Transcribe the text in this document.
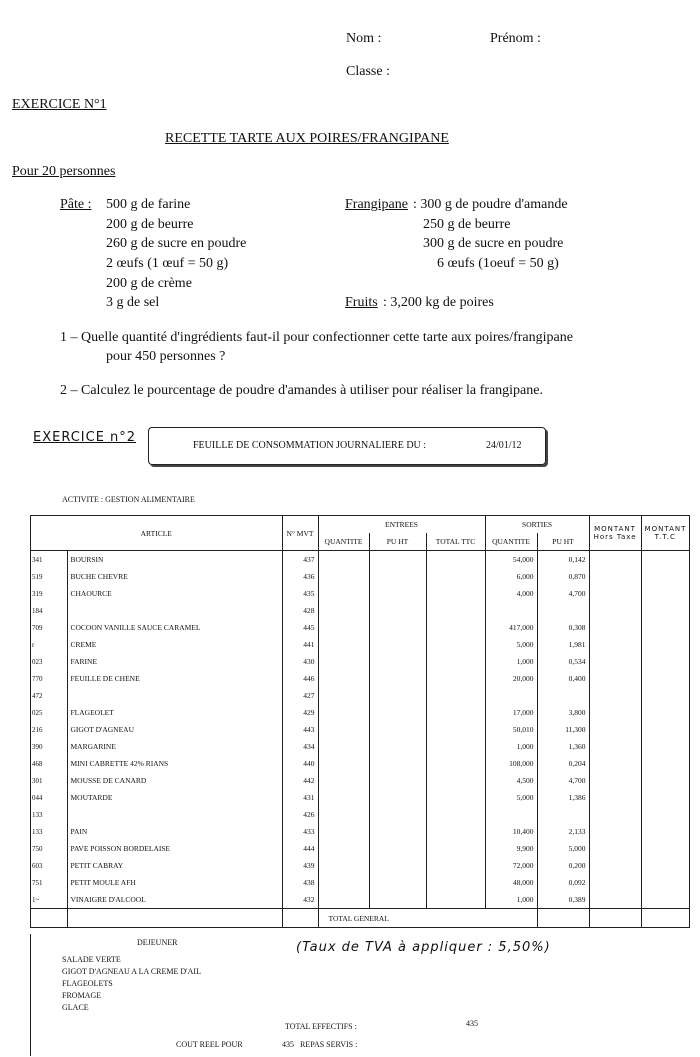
Nom :	Prénom :
Classe :
EXERCICE N°1
RECETTE TARTE AUX POIRES/FRANGIPANE
Pour 20 personnes
Pâte : 500 g de farine
200 g de beurre
260 g de sucre en poudre
2 œufs (1 œuf = 50 g)
200 g de crème
3 g de sel
Frangipane : 300 g de poudre d'amande
250 g de beurre
300 g de sucre en poudre
6 œufs (1oeuf = 50 g)
Fruits : 3,200 kg de poires
1 – Quelle quantité d'ingrédients faut-il pour confectionner cette tarte aux poires/frangipane
pour 450 personnes ?
2 – Calculez le pourcentage de poudre d'amandes à utiliser pour réaliser la frangipane.
EXERCICE n°2
FEUILLE DE CONSOMMATION JOURNALIERE DU :	24/01/12
ACTIVITE : GESTION ALIMENTAIRE
ARTICLE		N° MVT	ENTREES			SORTIES		MONTANT Hors Taxe	MONTANT T.T.C
			QUANTITE	PU HT	TOTAL TTC	QUANTITE	PU HT		
341	BOURSIN	437				54,000	0,142		
519	BUCHE CHEVRE	436				6,000	0,870		
319	CHAOURCE	435				4,000	4,700		
184		428							
709	COCOON VANILLE SAUCE CARAMEL	445				417,000	0,308		
r	CREME	441				5,000	1,981		
023	FARINE	430				1,000	0,534		
770	FEUILLE DE CHENE	446				20,000	0,400		
472		427							
025	FLAGEOLET	429				17,000	3,800		
216	GIGOT D'AGNEAU	443				50,010	11,300		
390	MARGARINE	434				1,000	1,360		
468	MINI CABRETTE 42% RIANS	440				108,000	0,204		
301	MOUSSE DE CANARD	442				4,500	4,700		
044	MOUTARDE	431				5,000	1,386		
133		426							
133	PAIN	433				10,400	2,133		
750	PAVE POISSON BORDELAISE	444				9,900	5,000		
603	PETIT CABRAY	439				72,000	0,200		
751	PETIT MOULE AFH	438				48,000	0,092		
1~	VINAIGRE D'ALCOOL	432				1,000	0,389		
			TOTAL GENERAL						
DEJEUNER
SALADE VERTE
GIGOT D'AGNEAU A LA CREME D'AIL
FLAGEOLETS
FROMAGE
GLACE
(Taux de TVA à appliquer : 5,50%)
TOTAL EFFECTIFS :	435
COUT REEL POUR	435 REPAS SERVIS :
